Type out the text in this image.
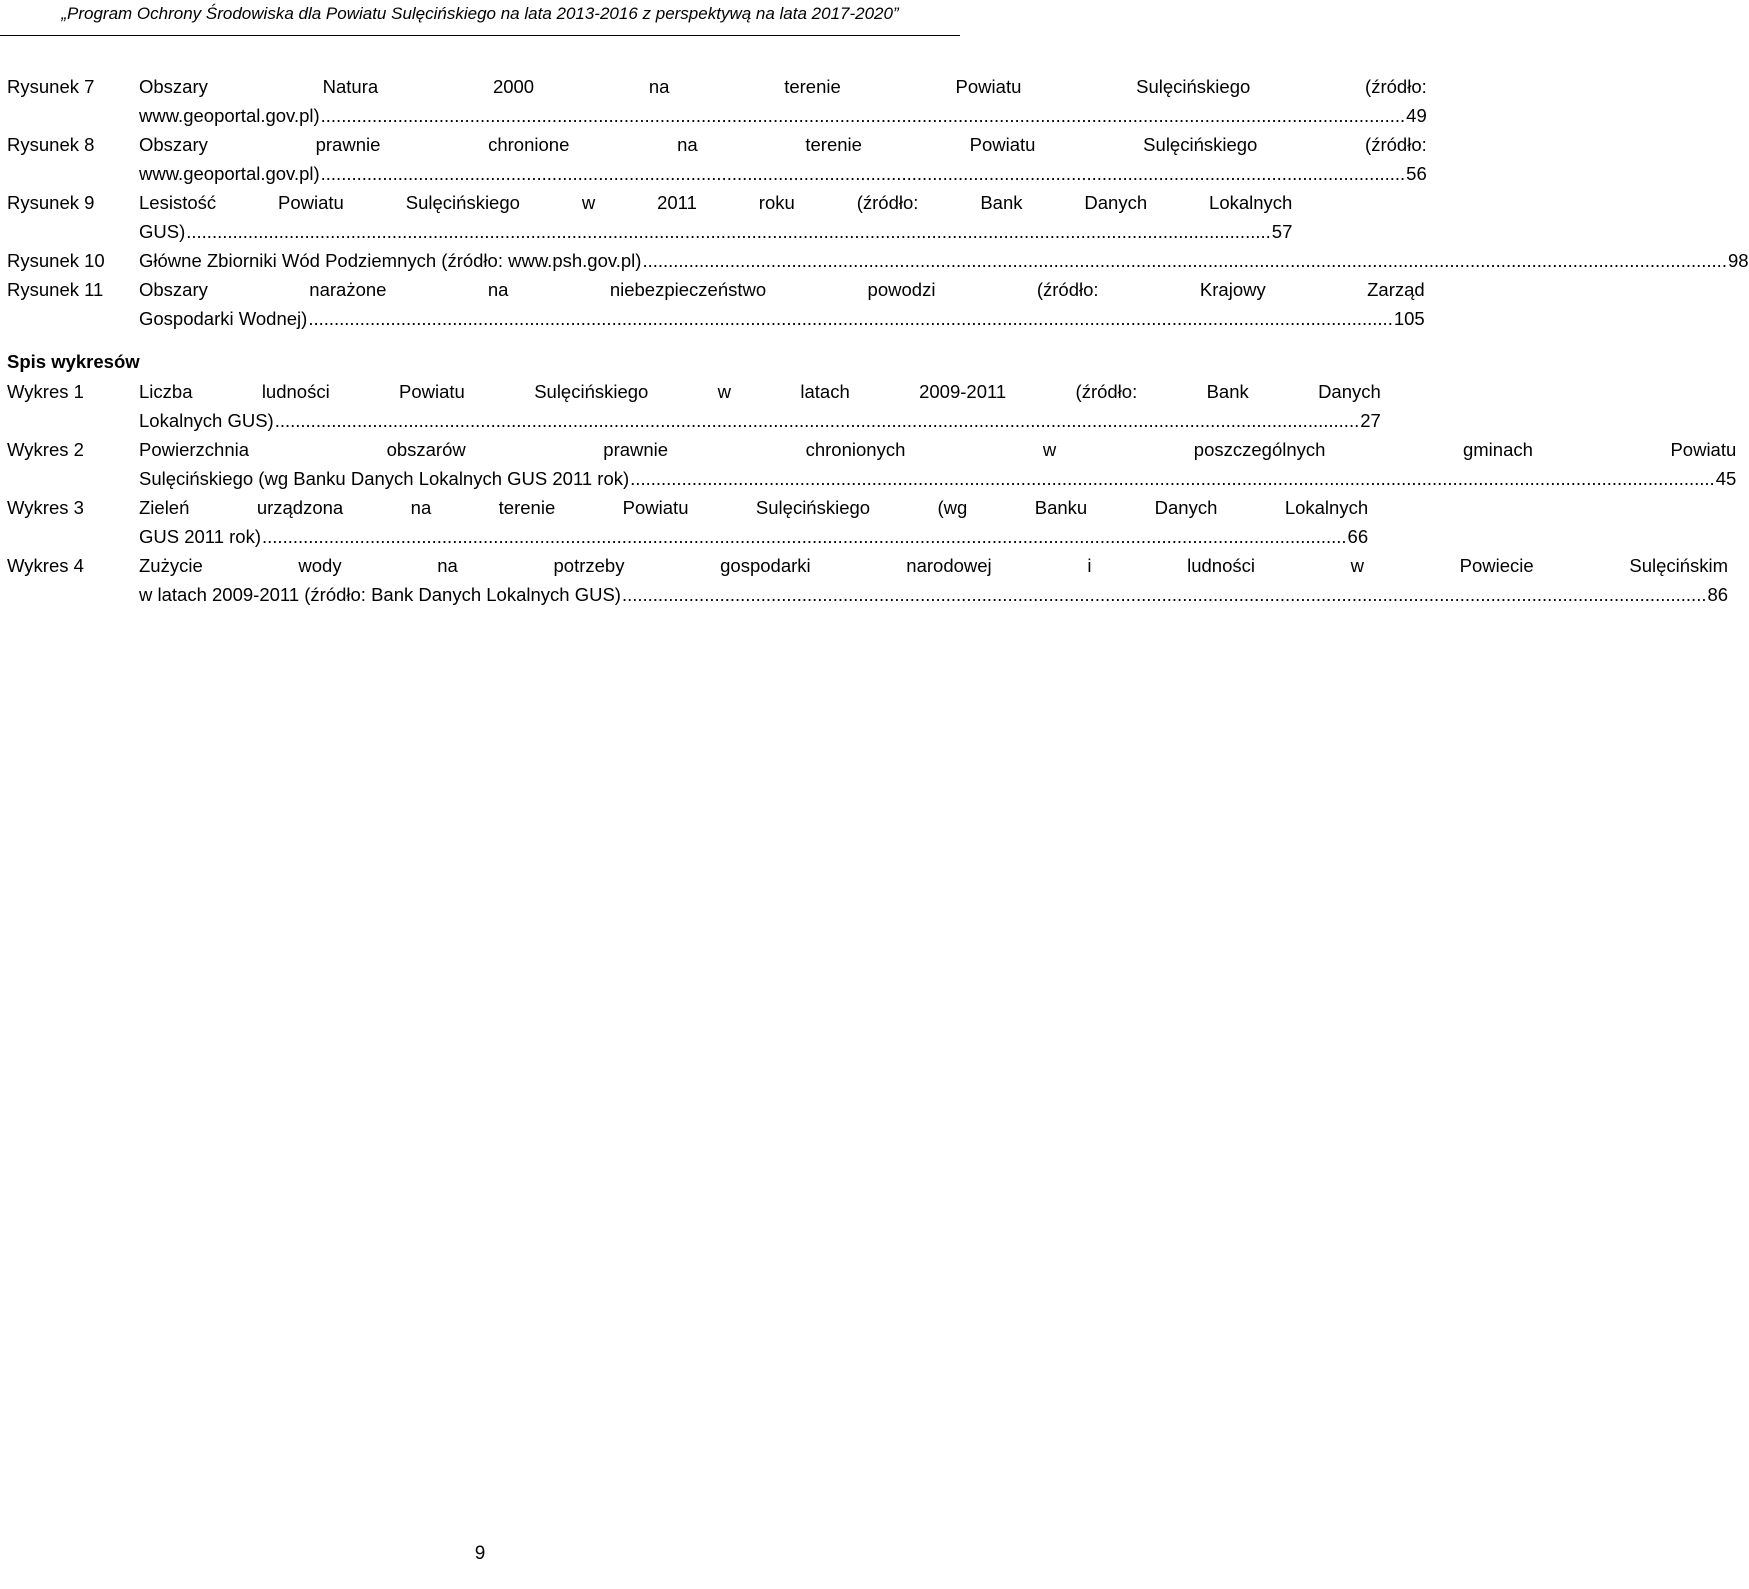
„Program Ochrony Środowiska dla Powiatu Sulęcińskiego na lata 2013-2016 z perspektywą na lata 2017-2020”
Rysunek 7	Obszary Natura 2000 na terenie Powiatu Sulęcińskiego (źródło:
www.geoportal.gov.pl) .....	49
Rysunek 8	Obszary prawnie chronione na terenie Powiatu Sulęcińskiego (źródło:
www.geoportal.gov.pl) .....	56
Rysunek 9	Lesistość Powiatu Sulęcińskiego w 2011 roku (źródło: Bank Danych Lokalnych
GUS) .....	57
Rysunek 10	Główne Zbiorniki Wód Podziemnych (źródło: www.psh.gov.pl) .....	98
Rysunek 11	Obszary narażone na niebezpieczeństwo powodzi (źródło: Krajowy Zarząd
Gospodarki Wodnej) .....	105
Spis wykresów
Wykres 1	Liczba ludności Powiatu Sulęcińskiego w latach 2009-2011 (źródło: Bank Danych
Lokalnych GUS) .....	27
Wykres 2	Powierzchnia obszarów prawnie chronionych w poszczególnych gminach Powiatu
Sulęcińskiego (wg Banku Danych Lokalnych GUS 2011 rok) .....	45
Wykres 3	Zieleń urządzona na terenie Powiatu Sulęcińskiego (wg Banku Danych Lokalnych
GUS 2011 rok) .....	66
Wykres 4	Zużycie wody na potrzeby gospodarki narodowej i ludności w Powiecie Sulęcińskim
w latach 2009-2011 (źródło: Bank Danych Lokalnych GUS) .....	86
9
